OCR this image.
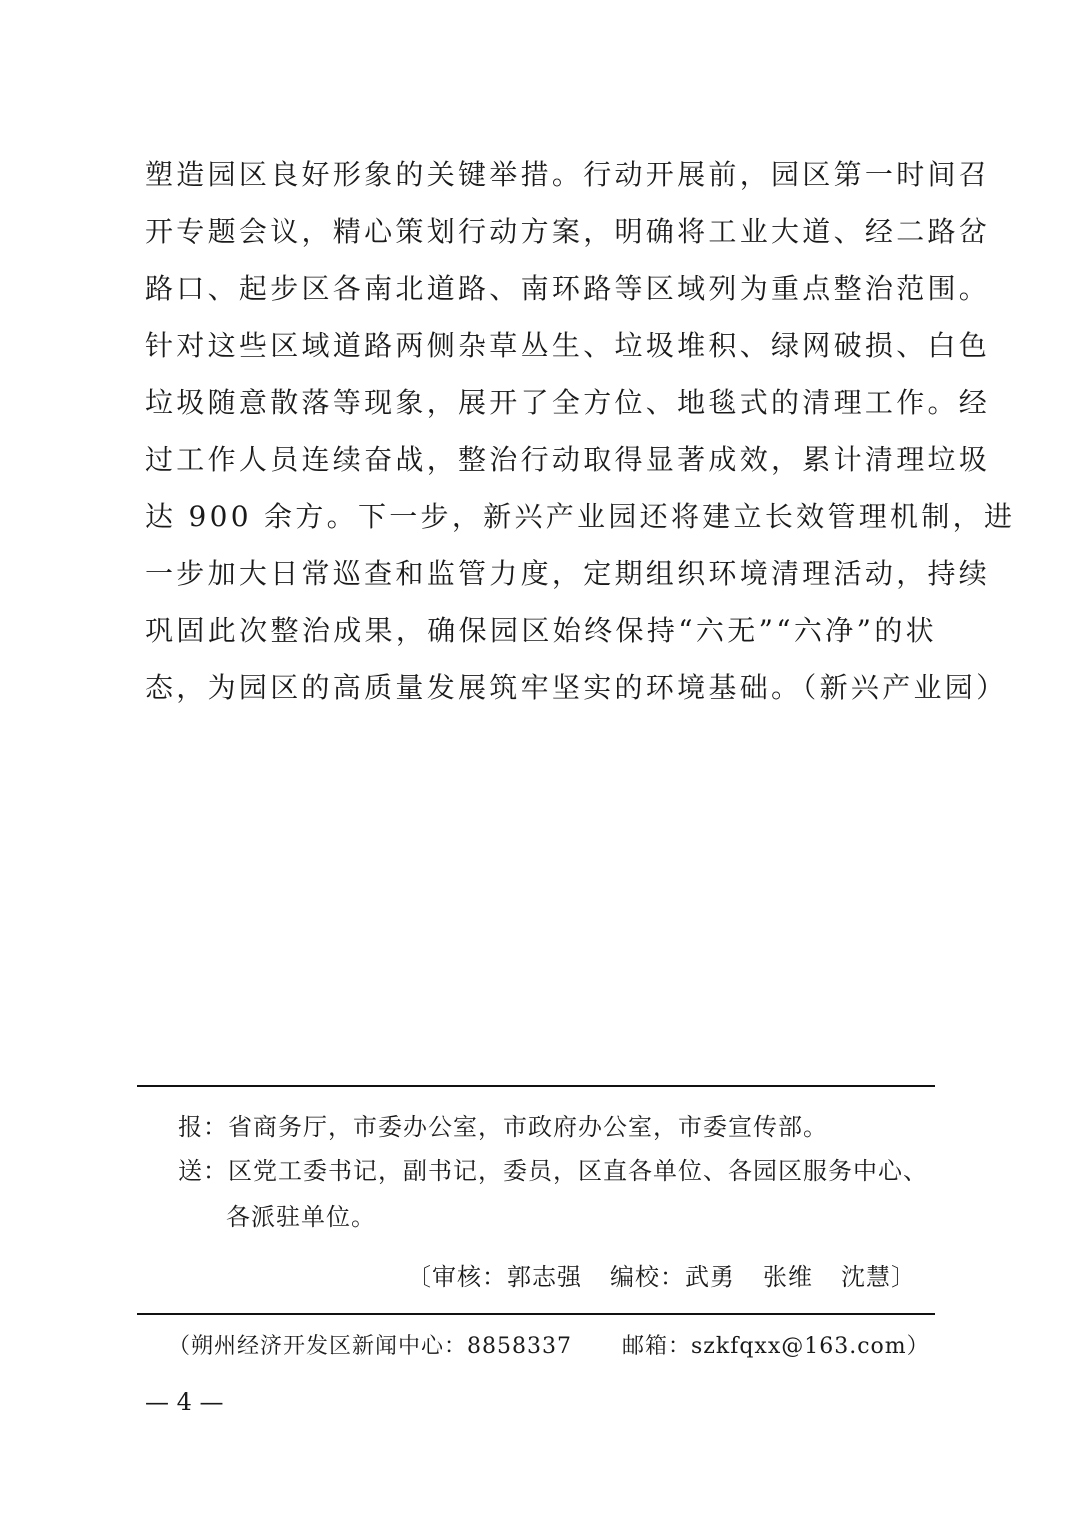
塑造园区良好形象的关键举措。行动开展前，园区第一时间召
开专题会议，精心策划行动方案，明确将工业大道、经二路岔
路口、起步区各南北道路、南环路等区域列为重点整治范围。
针对这些区域道路两侧杂草丛生、垃圾堆积、绿网破损、白色
垃圾随意散落等现象，展开了全方位、地毯式的清理工作。经
过工作人员连续奋战，整治行动取得显著成效，累计清理垃圾
达 900 余方。下一步，新兴产业园还将建立长效管理机制，进
一步加大日常巡查和监管力度，定期组织环境清理活动，持续
巩固此次整治成果，确保园区始终保持“六无”“六净”的状
态，为园区的高质量发展筑牢坚实的环境基础。（新兴产业园）
报：省商务厅，市委办公室，市政府办公室，市委宣传部。
送：区党工委书记，副书记，委员，区直各单位、各园区服务中心、
各派驻单位。
〔审核：郭志强 编校：武勇 张维 沈慧〕
（朔州经济开发区新闻中心：8858337 邮箱：szkfqxx@163.com）
— 4 —
